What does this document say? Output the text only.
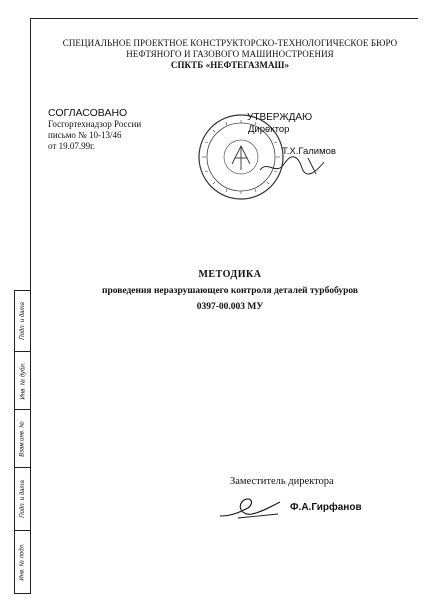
СПЕЦИАЛЬНОЕ ПРОЕКТНОЕ КОНСТРУКТОРСКО-ТЕХНОЛОГИЧЕСКОЕ БЮРО
НЕФТЯНОГО И ГАЗОВОГО МАШИНОСТРОЕНИЯ
СПКТБ «НЕФТЕГАЗМАШ»
СОГЛАСОВАНО
Госгортехнадзор России
письмо № 10-13/46
от 19.07.99г.
УТВЕРЖДАЮ
Директор
Т.Х.Галимов
МЕТОДИКА
проведения неразрушающего контроля деталей турбобуров
0397-00.003 МУ
Заместитель директора
Ф.А.Гирфанов
Подп. и дата
Инв. № дубл.
Взам.инв. №
Подп. и дата
Инв. № подл.
